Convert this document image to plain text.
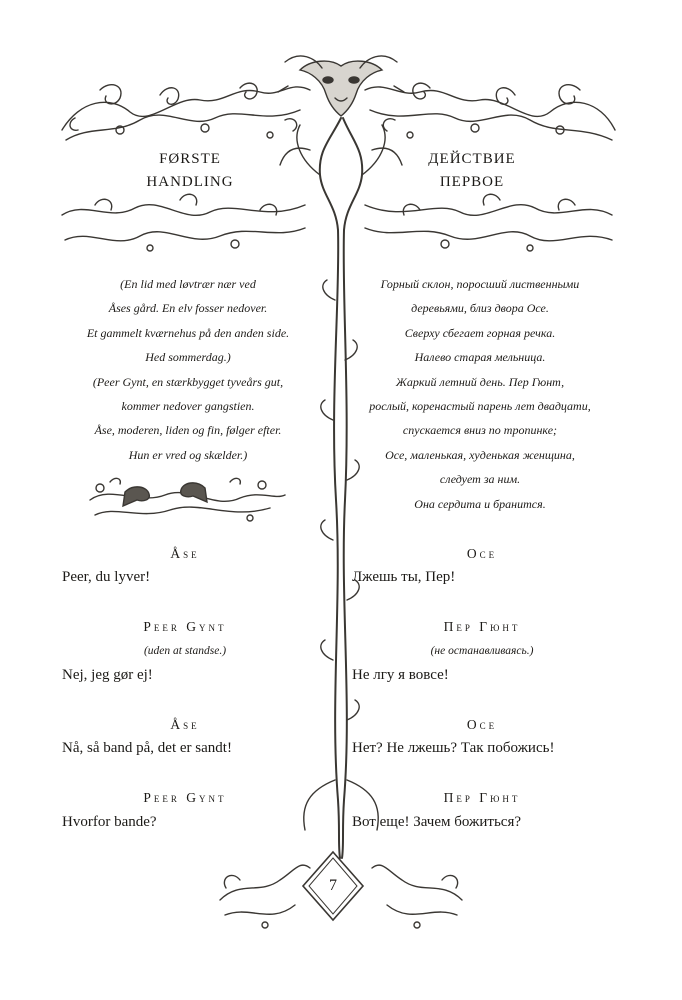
FØRSTE
HANDLING
ДЕЙСТВИЕ
ПЕРВОЕ
(En lid med løvtrær nær ved
Åses gård. En elv fosser nedover.
Et gammelt kværnehus på den anden side.
Hed sommerdag.)
(Peer Gynt, en stærkbygget tyveårs gut,
kommer nedover gangstien.
Åse, moderen, liden og fin, følger efter.
Hun er vred og skælder.)
Горный склон, поросший лиственными
деревьями, близ двора Осе.
Сверху сбегает горная речка.
Налево старая мельница.
Жаркий летний день. Пер Гюнт,
рослый, коренастый парень лет двадцати,
спускается вниз по тропинке;
Осе, маленькая, худенькая женщина,
следует за ним.
Она сердита и бранится.
Åse
Peer, du lyver!
Peer Gynt
(uden at standse.)
Nej, jeg gør ej!
Åse
Nå, så band på, det er sandt!
Peer Gynt
Hvorfor bande?
Осе
Лжешь ты, Пер!
Пер Гюнт
(не останавливаясь.)
Не лгу я вовсе!
Осе
Нет? Не лжешь? Так побожись!
Пер Гюнт
Вот еще! Зачем божиться?
7
